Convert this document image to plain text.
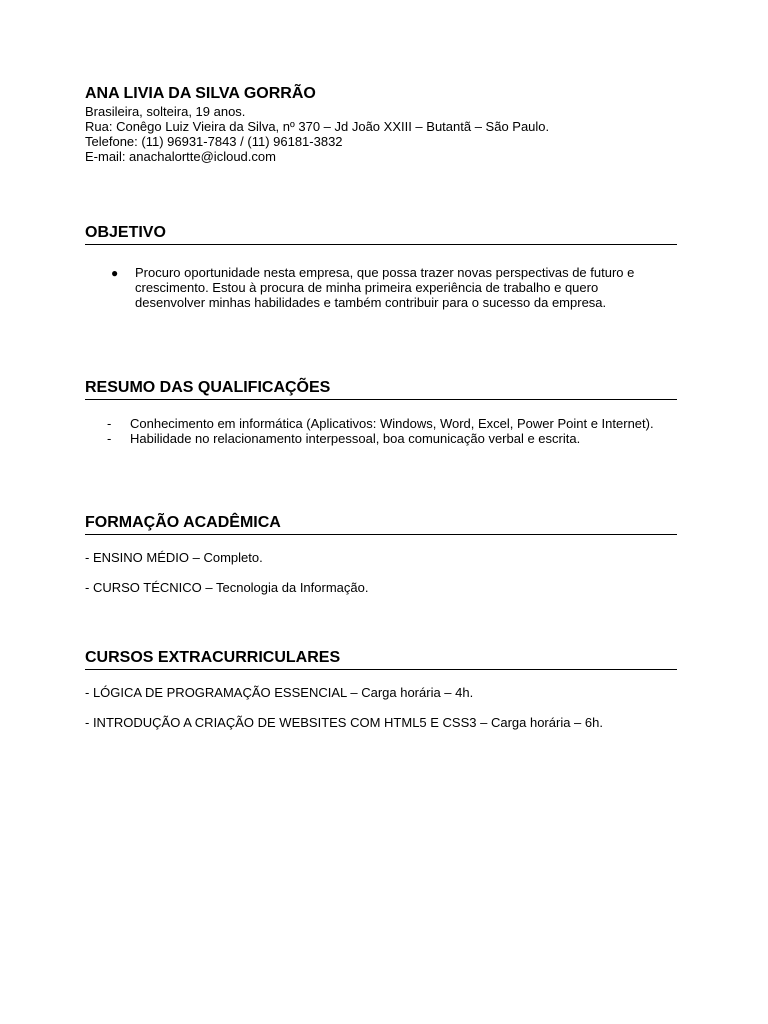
ANA LIVIA DA SILVA GORRÃO

Brasileira, solteira, 19 anos.

Rua: Conêgo Luiz Vieira da Silva, nº 370 – Jd João XXIII – Butantã – São Paulo.

Telefone: (11) 96931-7843 / (11) 96181-3832

E-mail: anachalortte@icloud.com

OBJETIVO
● Procuro oportunidade nesta empresa, que possa trazer novas perspectivas de futuro e crescimento. Estou à procura de minha primeira experiência de trabalho e quero desenvolver minhas habilidades e também contribuir para o sucesso da empresa.
RESUMO DAS QUALIFICAÇÕES
- Conhecimento em informática (Aplicativos: Windows, Word, Excel, Power Point e Internet).
- Habilidade no relacionamento interpessoal, boa comunicação verbal e escrita.
FORMAÇÃO ACADÊMICA

- ENSINO MÉDIO – Completo.

- CURSO TÉCNICO – Tecnologia da Informação.

CURSOS EXTRACURRICULARES

- LÓGICA DE PROGRAMAÇÃO ESSENCIAL – Carga horária – 4h.

- INTRODUÇÃO A CRIAÇÃO DE WEBSITES COM HTML5 E CSS3 – Carga horária – 6h.
